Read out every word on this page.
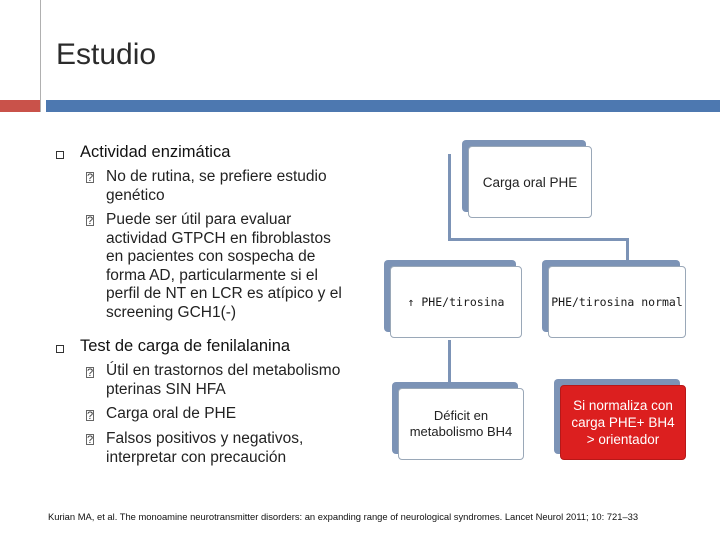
Estudio
Actividad enzimática
? No de rutina, se prefiere estudio genético
? Puede ser útil para evaluar actividad GTPCH en fibroblastos en pacientes con sospecha de forma AD, particularmente si el perfil de NT en LCR es atípico y el screening GCH1(-)
Test de carga de fenilalanina
? Útil en trastornos del metabolismo pterinas SIN HFA
? Carga oral de PHE
? Falsos positivos y negativos, interpretar con precaución
Carga oral PHE
↑ PHE/tirosina	PHE/tirosina normal
Déficit en metabolismo BH4
Si normaliza con carga PHE+ BH4 > orientador
Kurian MA, et al. The monoamine neurotransmitter disorders: an expanding range of neurological syndromes. Lancet Neurol 2011; 10: 721–33
